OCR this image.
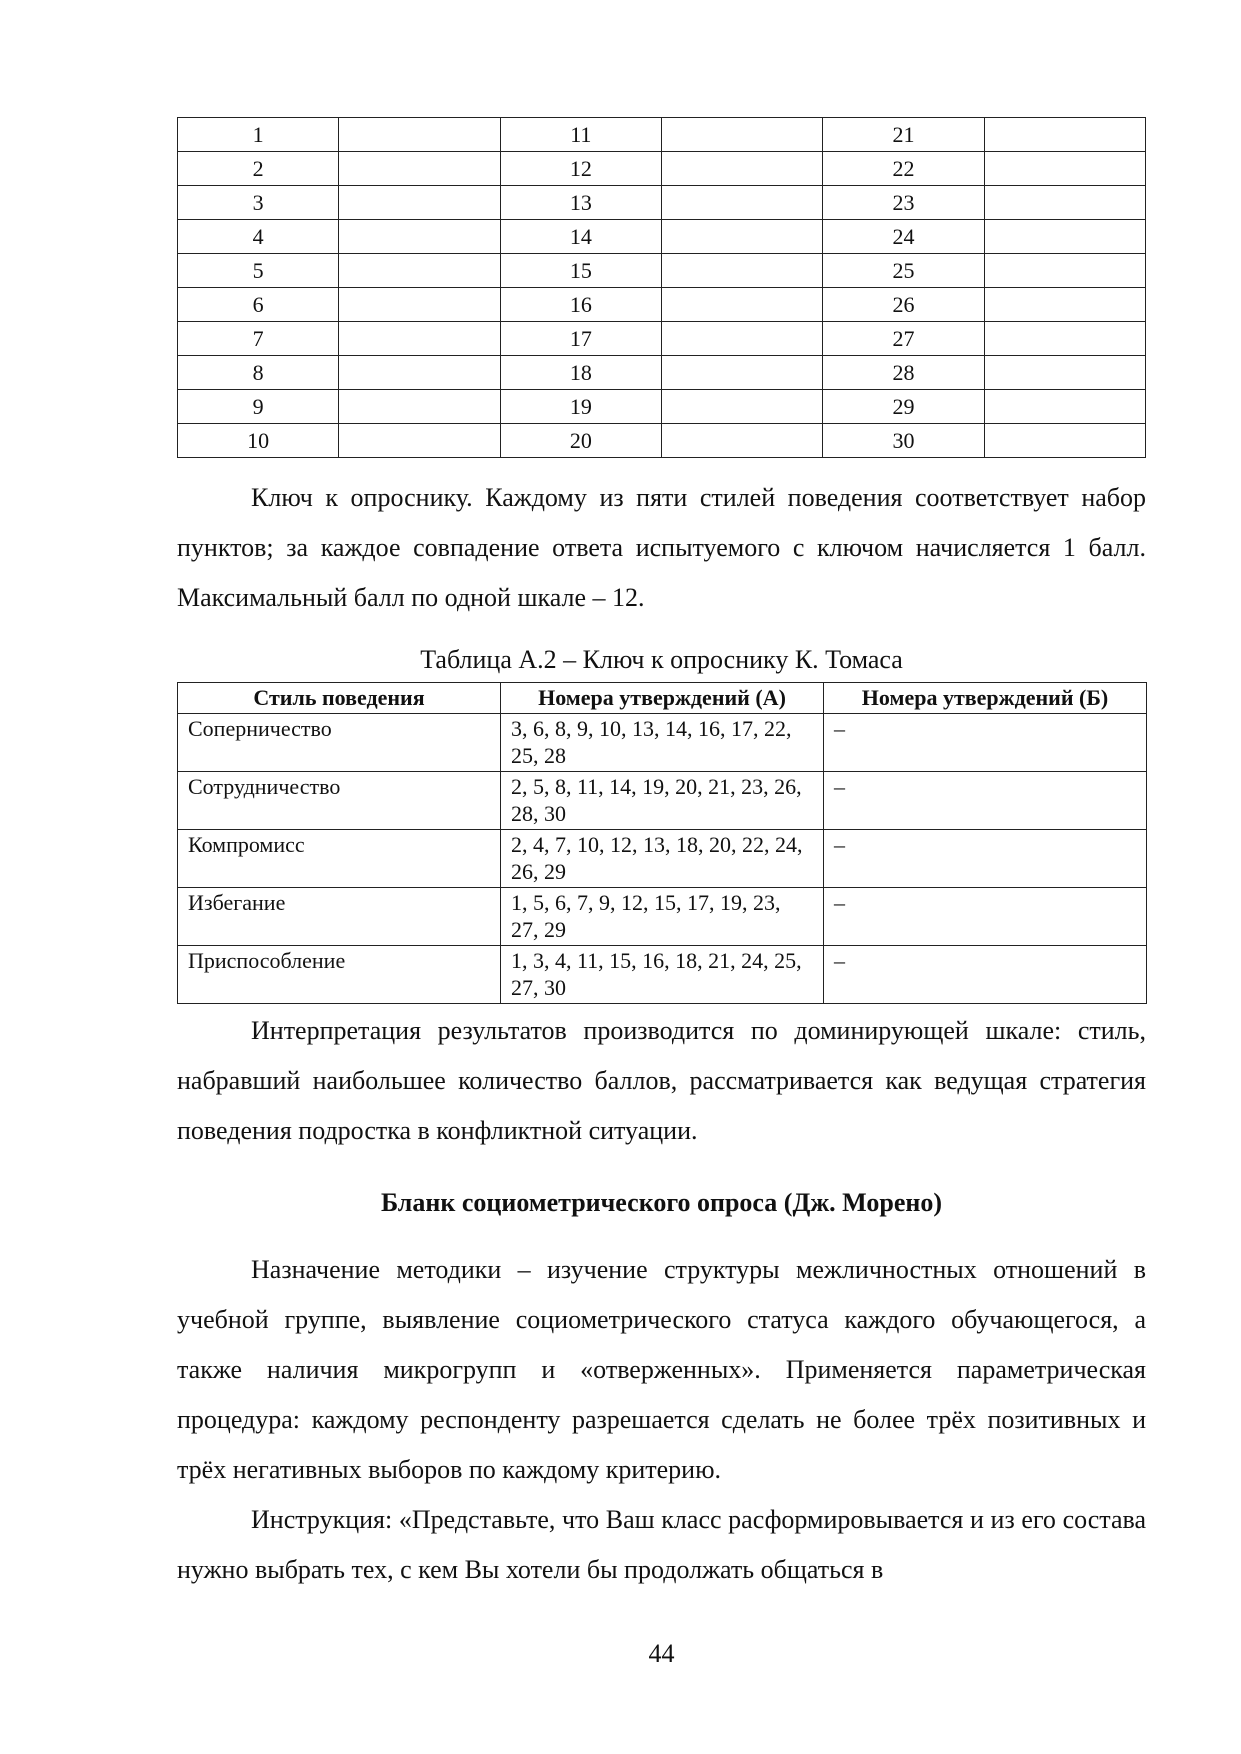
1		11		21	
2		12		22	
3		13		23	
4		14		24	
5		15		25	
6		16		26	
7		17		27	
8		18		28	
9		19		29	
10		20		30	

Ключ к опроснику. Каждому из пяти стилей поведения соответствует набор пунктов; за каждое совпадение ответа испытуемого с ключом начисляется 1 балл. Максимальный балл по одной шкале – 12.

Таблица А.2 – Ключ к опроснику К. Томаса

Стиль поведения	Номера утверждений (А)	Номера утверждений (Б)
Соперничество	3, 6, 8, 9, 10, 13, 14, 16, 17, 22, 25, 28	–
Сотрудничество	2, 5, 8, 11, 14, 19, 20, 21, 23, 26, 28, 30	–
Компромисс	2, 4, 7, 10, 12, 13, 18, 20, 22, 24, 26, 29	–
Избегание	1, 5, 6, 7, 9, 12, 15, 17, 19, 23, 27, 29	–
Приспособление	1, 3, 4, 11, 15, 16, 18, 21, 24, 25, 27, 30	–

Интерпретация результатов производится по доминирующей шкале: стиль, набравший наибольшее количество баллов, рассматривается как ведущая стратегия поведения подростка в конфликтной ситуации.

Бланк социометрического опроса (Дж. Морено)

Назначение методики – изучение структуры межличностных отношений в учебной группе, выявление социометрического статуса каждого обучающегося, а также наличия микрогрупп и «отверженных». Применяется параметрическая процедура: каждому респонденту разрешается сделать не более трёх позитивных и трёх негативных выборов по каждому критерию.

Инструкция: «Представьте, что Ваш класс расформировывается и из его состава нужно выбрать тех, с кем Вы хотели бы продолжать общаться в

44
